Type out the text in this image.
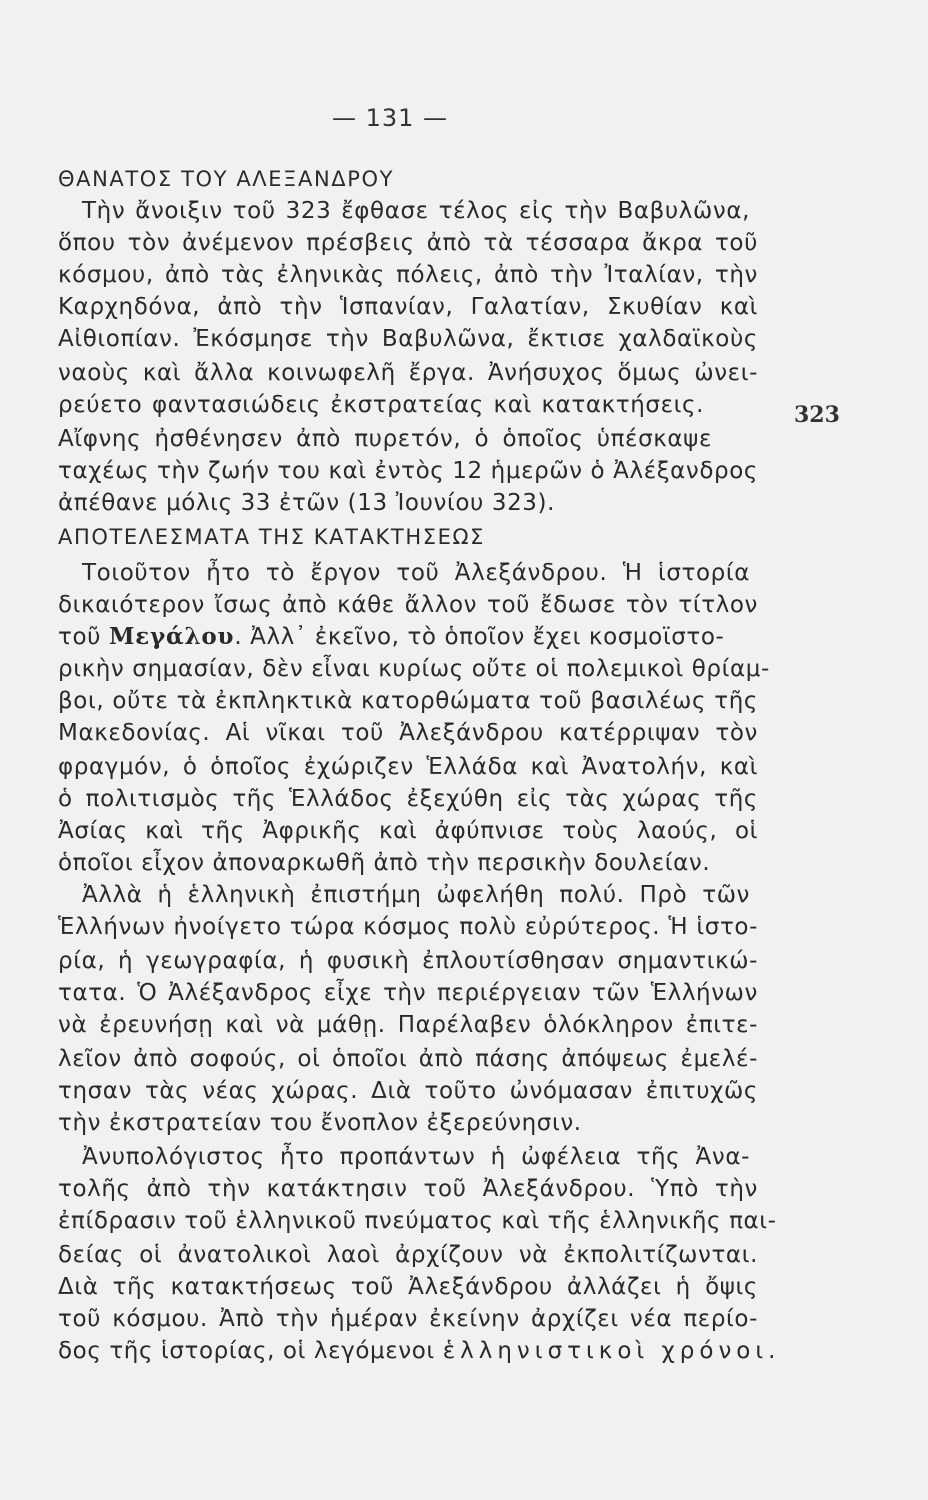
— 131 —
ΘΑΝΑΤΟΣ ΤΟΥ ΑΛΕΞΑΝΔΡΟΥ
Τὴν ἄνοιξιν τοῦ 323 ἔφθασε τέλος εἰς τὴν Βαβυλῶνα,
ὅπου τὸν ἀνέμενον πρέσβεις ἀπὸ τὰ τέσσαρα ἄκρα τοῦ
κόσμου, ἀπὸ τὰς ἐληνικὰς πόλεις, ἀπὸ τὴν Ἰταλίαν, τὴν
Καρχηδόνα, ἀπὸ τὴν Ἱσπανίαν, Γαλατίαν, Σκυθίαν καὶ
Αἰθιοπίαν. Ἐκόσμησε τὴν Βαβυλῶνα, ἔκτισε χαλδαϊκοὺς
ναοὺς καὶ ἄλλα κοινωφελῆ ἔργα. Ἀνήσυχος ὅμως ὠνει-
ρεύετο φαντασιώδεις ἐκστρατείας καὶ κατακτήσεις.	323
Αἴφνης ἠσθένησεν ἀπὸ πυρετόν, ὁ ὁποῖος ὑπέσκαψε
ταχέως τὴν ζωήν του καὶ ἐντὸς 12 ἡμερῶν ὁ Ἀλέξανδρος
ἀπέθανε μόλις 33 ἐτῶν (13 Ἰουνίου 323).
ΑΠΟΤΕΛΕΣΜΑΤΑ ΤΗΣ ΚΑΤΑΚΤΗΣΕΩΣ
Τοιοῦτον ἦτο τὸ ἔργον τοῦ Ἀλεξάνδρου. Ἡ ἱστορία
δικαιότερον ἴσως ἀπὸ κάθε ἄλλον τοῦ ἔδωσε τὸν τίτλον
τοῦ Μεγάλου. Ἀλλ᾽ ἐκεῖνο, τὸ ὁποῖον ἔχει κοσμοϊστο-
ρικὴν σημασίαν, δὲν εἶναι κυρίως οὔτε οἱ πολεμικοὶ θρίαμ-
βοι, οὔτε τὰ ἐκπληκτικὰ κατορθώματα τοῦ βασιλέως τῆς
Μακεδονίας. Αἱ νῖκαι τοῦ Ἀλεξάνδρου κατέρριψαν τὸν
φραγμόν, ὁ ὁποῖος ἐχώριζεν Ἑλλάδα καὶ Ἀνατολήν, καὶ
ὁ πολιτισμὸς τῆς Ἑλλάδος ἐξεχύθη εἰς τὰς χώρας τῆς
Ἀσίας καὶ τῆς Ἀφρικῆς καὶ ἀφύπνισε τοὺς λαούς, οἱ
ὁποῖοι εἶχον ἀποναρκωθῆ ἀπὸ τὴν περσικὴν δουλείαν.
Ἀλλὰ ἡ ἑλληνικὴ ἐπιστήμη ὠφελήθη πολύ. Πρὸ τῶν
Ἑλλήνων ἠνοίγετο τώρα κόσμος πολὺ εὐρύτερος. Ἡ ἱστο-
ρία, ἡ γεωγραφία, ἡ φυσικὴ ἐπλουτίσθησαν σημαντικώ-
τατα. Ὁ Ἀλέξανδρος εἶχε τὴν περιέργειαν τῶν Ἑλλήνων
νὰ ἐρευνήσῃ καὶ νὰ μάθῃ. Παρέλαβεν ὁλόκληρον ἐπιτε-
λεῖον ἀπὸ σοφούς, οἱ ὁποῖοι ἀπὸ πάσης ἀπόψεως ἐμελέ-
τησαν τὰς νέας χώρας. Διὰ τοῦτο ὠνόμασαν ἐπιτυχῶς
τὴν ἐκστρατείαν του ἔνοπλον ἐξερεύνησιν.
Ἀνυπολόγιστος ἦτο προπάντων ἡ ὠφέλεια τῆς Ἀνα-
τολῆς ἀπὸ τὴν κατάκτησιν τοῦ Ἀλεξάνδρου. Ὑπὸ τὴν
ἐπίδρασιν τοῦ ἑλληνικοῦ πνεύματος καὶ τῆς ἑλληνικῆς παι-
δείας οἱ ἀνατολικοὶ λαοὶ ἀρχίζουν νὰ ἐκπολιτίζωνται.
Διὰ τῆς κατακτήσεως τοῦ Ἀλεξάνδρου ἀλλάζει ἡ ὄψις
τοῦ κόσμου. Ἀπὸ τὴν ἡμέραν ἐκείνην ἀρχίζει νέα περίο-
δος τῆς ἱστορίας, οἱ λεγόμενοι ἑλληνιστικοὶ χρόνοι.
